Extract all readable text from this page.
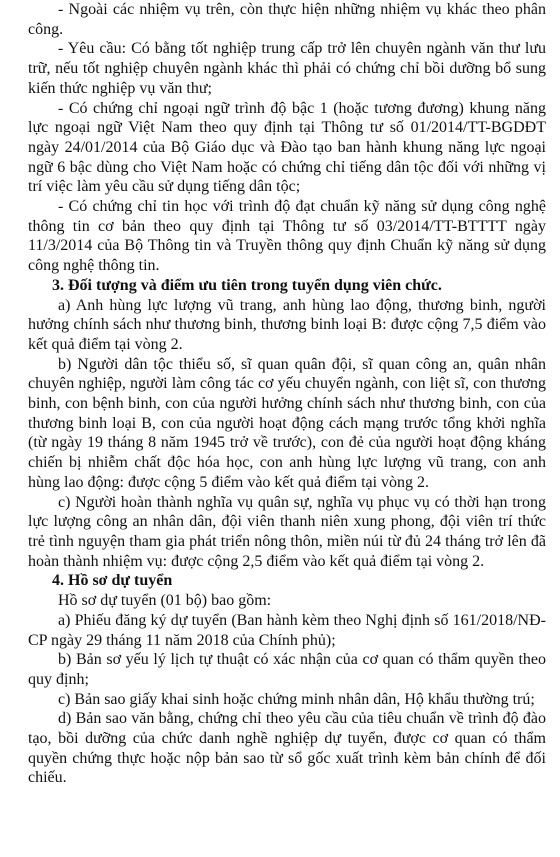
- Ngoài các nhiệm vụ trên, còn thực hiện những nhiệm vụ khác theo phân công.

- Yêu cầu: Có bằng tốt nghiệp trung cấp trở lên chuyên ngành văn thư lưu trữ, nếu tốt nghiệp chuyên ngành khác thì phải có chứng chỉ bồi dưỡng bổ sung kiến thức nghiệp vụ văn thư;

- Có chứng chỉ ngoại ngữ trình độ bậc 1 (hoặc tương đương) khung năng lực ngoại ngữ Việt Nam theo quy định tại Thông tư số 01/2014/TT-BGDĐT ngày 24/01/2014 của Bộ Giáo dục và Đào tạo ban hành khung năng lực ngoại ngữ 6 bậc dùng cho Việt Nam hoặc có chứng chỉ tiếng dân tộc đối với những vị trí việc làm yêu cầu sử dụng tiếng dân tộc;

- Có chứng chỉ tin học với trình độ đạt chuẩn kỹ năng sử dụng công nghệ thông tin cơ bản theo quy định tại Thông tư số 03/2014/TT-BTTTT ngày 11/3/2014 của Bộ Thông tin và Truyền thông quy định Chuẩn kỹ năng sử dụng công nghệ thông tin.

3. Đối tượng và điểm ưu tiên trong tuyển dụng viên chức.

a) Anh hùng lực lượng vũ trang, anh hùng lao động, thương binh, người hưởng chính sách như thương binh, thương binh loại B: được cộng 7,5 điểm vào kết quả điểm tại vòng 2.

b) Người dân tộc thiểu số, sĩ quan quân đội, sĩ quan công an, quân nhân chuyên nghiệp, người làm công tác cơ yếu chuyển ngành, con liệt sĩ, con thương binh, con bệnh binh, con của người hưởng chính sách như thương binh, con của thương binh loại B, con của người hoạt động cách mạng trước tổng khởi nghĩa (từ ngày 19 tháng 8 năm 1945 trở về trước), con đẻ của người hoạt động kháng chiến bị nhiễm chất độc hóa học, con anh hùng lực lượng vũ trang, con anh hùng lao động: được cộng 5 điểm vào kết quả điểm tại vòng 2.

c) Người hoàn thành nghĩa vụ quân sự, nghĩa vụ phục vụ có thời hạn trong lực lượng công an nhân dân, đội viên thanh niên xung phong, đội viên trí thức trẻ tình nguyện tham gia phát triển nông thôn, miền núi từ đủ 24 tháng trở lên đã hoàn thành nhiệm vụ: được cộng 2,5 điểm vào kết quả điểm tại vòng 2.

4. Hồ sơ dự tuyển

Hồ sơ dự tuyển (01 bộ) bao gồm:

a) Phiếu đăng ký dự tuyển (Ban hành kèm theo Nghị định số 161/2018/NĐ-CP ngày 29 tháng 11 năm 2018 của Chính phủ);

b) Bản sơ yếu lý lịch tự thuật có xác nhận của cơ quan có thẩm quyền theo quy định;

c) Bản sao giấy khai sinh hoặc chứng minh nhân dân, Hộ khẩu thường trú;

d) Bản sao văn bằng, chứng chỉ theo yêu cầu của tiêu chuẩn về trình độ đào tạo, bồi dưỡng của chức danh nghề nghiệp dự tuyển, được cơ quan có thẩm quyền chứng thực hoặc nộp bản sao từ sổ gốc xuất trình kèm bản chính để đối chiếu.
